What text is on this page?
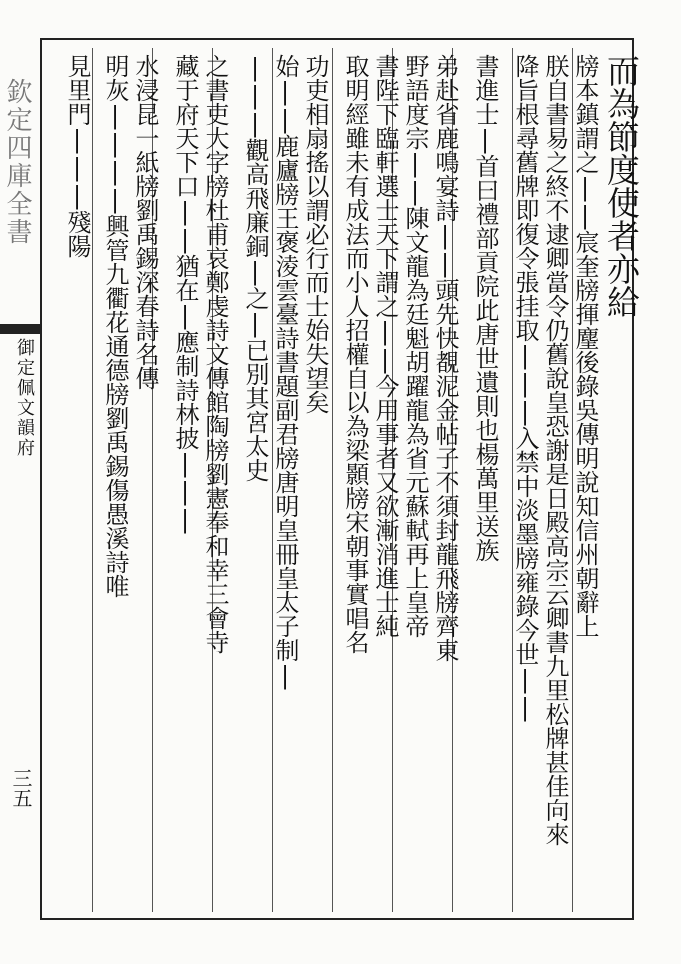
欽定四庫全書
御定佩文韻府
三五
而為節度使者亦給
牓本鎮謂之||宸奎牓揮麈後錄吳傳明說知信州朝辭上
朕自書易之終不逮卿當令仍舊說皇恐謝是日殿高宗云卿書九里松牌甚佳向來
降旨根尋舊牌即復令張挂取|||入禁中淡墨牓雍錄今世||
書進士|首曰禮部貢院此唐世遺則也楊萬里送族
弟赴省鹿鳴宴詩||頭先快覩泥金帖子不須封龍飛牓齊東
野語度宗||陳文龍為廷魁胡躍龍為省元蘇軾再上皇帝
書陛下臨軒選士天下謂之||今用事者又欲漸消進士純
取明經雖未有成法而小人招權自以為梁顥牓宋朝事實唱名
功吏相扇搖以謂必行而士始失望矣
始||鹿廬牓王褒淩雲臺詩書題副君牓唐明皇冊皇太子制|
|||觀高飛廉銅|之|已別其宮太史
之書吏大字牓杜甫哀鄭虔詩文傳館陶牓劉憲奉和幸三會寺
藏于府天下口||猶在|應制詩林披|||
水浸昆一紙牓劉禹錫深春詩名傳
明灰||||興管九衢花通德牓劉禹錫傷愚溪詩唯
見里門|||殘陽
